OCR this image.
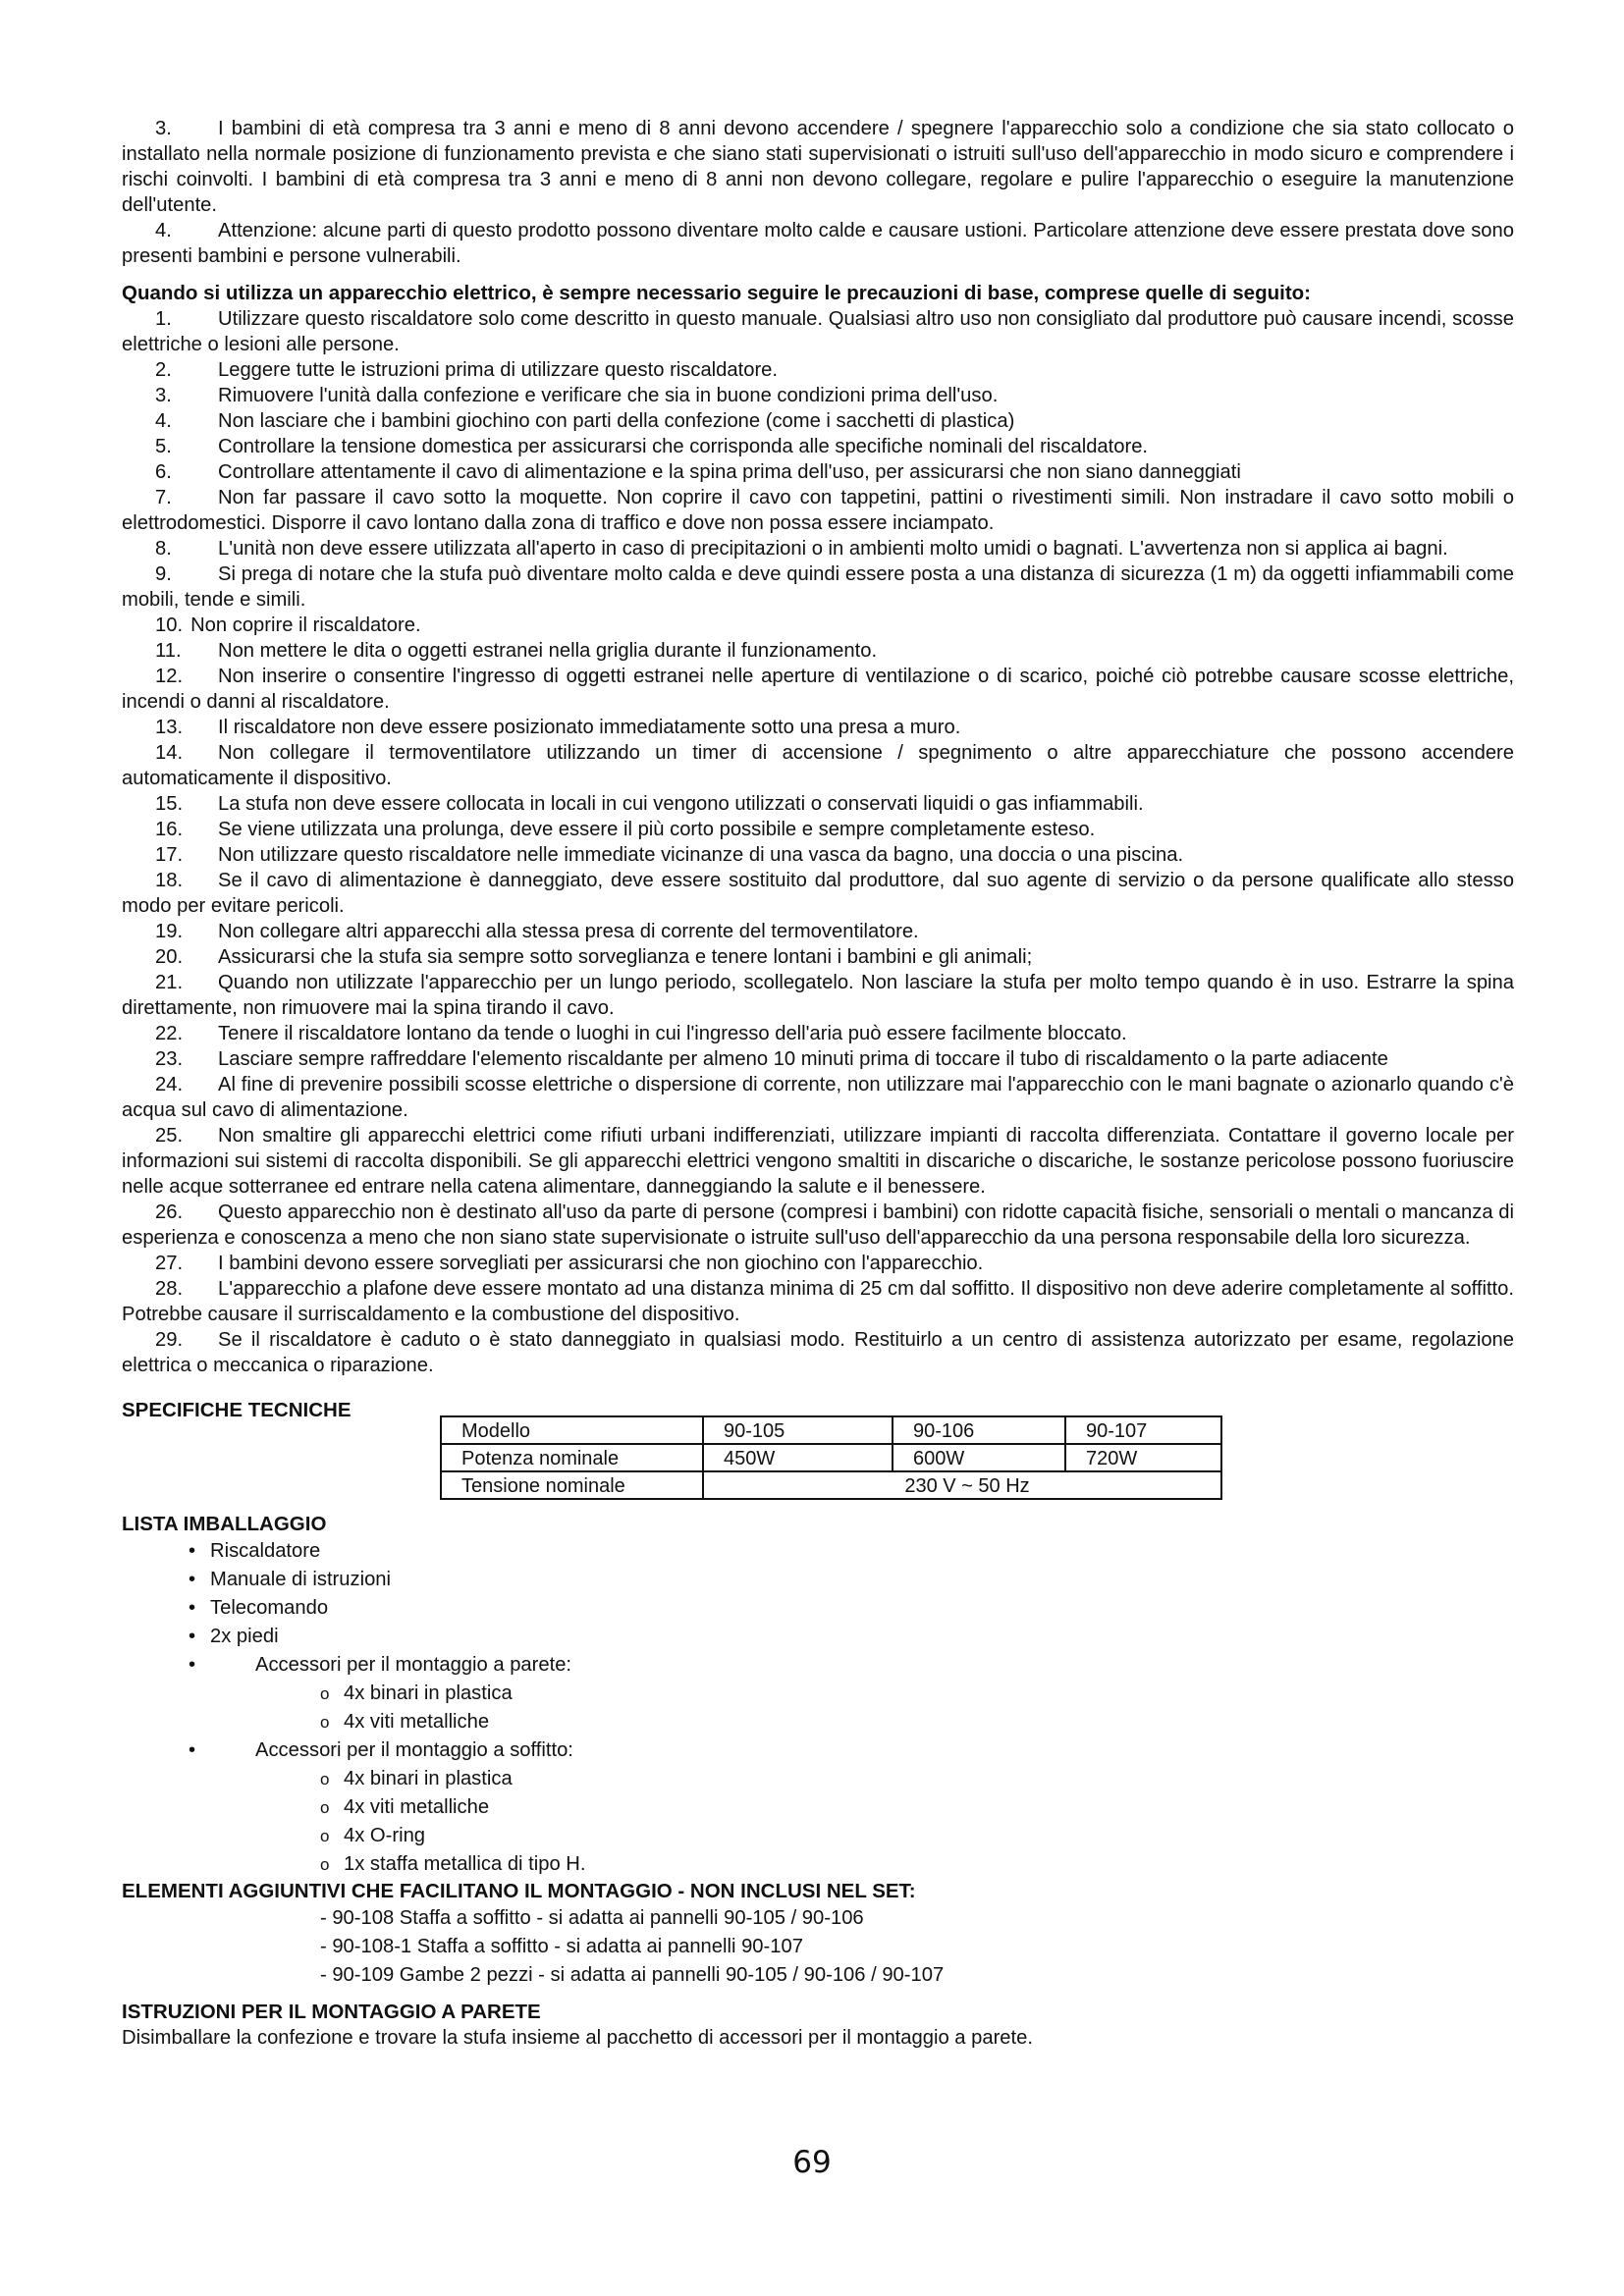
3. I bambini di età compresa tra 3 anni e meno di 8 anni devono accendere / spegnere l'apparecchio solo a condizione che sia stato collocato o installato nella normale posizione di funzionamento prevista e che siano stati supervisionati o istruiti sull'uso dell'apparecchio in modo sicuro e comprendere i rischi coinvolti. I bambini di età compresa tra 3 anni e meno di 8 anni non devono collegare, regolare e pulire l'apparecchio o eseguire la manutenzione dell'utente.

4. Attenzione: alcune parti di questo prodotto possono diventare molto calde e causare ustioni. Particolare attenzione deve essere prestata dove sono presenti bambini e persone vulnerabili.

Quando si utilizza un apparecchio elettrico, è sempre necessario seguire le precauzioni di base, comprese quelle di seguito:

1. Utilizzare questo riscaldatore solo come descritto in questo manuale. Qualsiasi altro uso non consigliato dal produttore può causare incendi, scosse elettriche o lesioni alle persone.

2. Leggere tutte le istruzioni prima di utilizzare questo riscaldatore.

3. Rimuovere l'unità dalla confezione e verificare che sia in buone condizioni prima dell'uso.

4. Non lasciare che i bambini giochino con parti della confezione (come i sacchetti di plastica)

5. Controllare la tensione domestica per assicurarsi che corrisponda alle specifiche nominali del riscaldatore.

6. Controllare attentamente il cavo di alimentazione e la spina prima dell'uso, per assicurarsi che non siano danneggiati

7. Non far passare il cavo sotto la moquette. Non coprire il cavo con tappetini, pattini o rivestimenti simili. Non instradare il cavo sotto mobili o elettrodomestici. Disporre il cavo lontano dalla zona di traffico e dove non possa essere inciampato.

8. L'unità non deve essere utilizzata all'aperto in caso di precipitazioni o in ambienti molto umidi o bagnati. L'avvertenza non si applica ai bagni.

9. Si prega di notare che la stufa può diventare molto calda e deve quindi essere posta a una distanza di sicurezza (1 m) da oggetti infiammabili come mobili, tende e simili.

10. Non coprire il riscaldatore.

11. Non mettere le dita o oggetti estranei nella griglia durante il funzionamento.

12. Non inserire o consentire l'ingresso di oggetti estranei nelle aperture di ventilazione o di scarico, poiché ciò potrebbe causare scosse elettriche, incendi o danni al riscaldatore.

13. Il riscaldatore non deve essere posizionato immediatamente sotto una presa a muro.

14. Non collegare il termoventilatore utilizzando un timer di accensione / spegnimento o altre apparecchiature che possono accendere automaticamente il dispositivo.

15. La stufa non deve essere collocata in locali in cui vengono utilizzati o conservati liquidi o gas infiammabili.

16. Se viene utilizzata una prolunga, deve essere il più corto possibile e sempre completamente esteso.

17. Non utilizzare questo riscaldatore nelle immediate vicinanze di una vasca da bagno, una doccia o una piscina.

18. Se il cavo di alimentazione è danneggiato, deve essere sostituito dal produttore, dal suo agente di servizio o da persone qualificate allo stesso modo per evitare pericoli.

19. Non collegare altri apparecchi alla stessa presa di corrente del termoventilatore.

20. Assicurarsi che la stufa sia sempre sotto sorveglianza e tenere lontani i bambini e gli animali;

21. Quando non utilizzate l'apparecchio per un lungo periodo, scollegatelo. Non lasciare la stufa per molto tempo quando è in uso. Estrarre la spina direttamente, non rimuovere mai la spina tirando il cavo.

22. Tenere il riscaldatore lontano da tende o luoghi in cui l'ingresso dell'aria può essere facilmente bloccato.

23. Lasciare sempre raffreddare l'elemento riscaldante per almeno 10 minuti prima di toccare il tubo di riscaldamento o la parte adiacente

24. Al fine di prevenire possibili scosse elettriche o dispersione di corrente, non utilizzare mai l'apparecchio con le mani bagnate o azionarlo quando c'è acqua sul cavo di alimentazione.

25. Non smaltire gli apparecchi elettrici come rifiuti urbani indifferenziati, utilizzare impianti di raccolta differenziata. Contattare il governo locale per informazioni sui sistemi di raccolta disponibili. Se gli apparecchi elettrici vengono smaltiti in discariche o discariche, le sostanze pericolose possono fuoriuscire nelle acque sotterranee ed entrare nella catena alimentare, danneggiando la salute e il benessere.

26. Questo apparecchio non è destinato all'uso da parte di persone (compresi i bambini) con ridotte capacità fisiche, sensoriali o mentali o mancanza di esperienza e conoscenza a meno che non siano state supervisionate o istruite sull'uso dell'apparecchio da una persona responsabile della loro sicurezza.

27. I bambini devono essere sorvegliati per assicurarsi che non giochino con l'apparecchio.

28. L'apparecchio a plafone deve essere montato ad una distanza minima di 25 cm dal soffitto. Il dispositivo non deve aderire completamente al soffitto. Potrebbe causare il surriscaldamento e la combustione del dispositivo.

29. Se il riscaldatore è caduto o è stato danneggiato in qualsiasi modo. Restituirlo a un centro di assistenza autorizzato per esame, regolazione elettrica o meccanica o riparazione.

SPECIFICHE TECNICHE
Modello	90-105	90-106	90-107
Potenza nominale	450W	600W	720W
Tensione nominale	230 V ~ 50 Hz		
LISTA IMBALLAGGIO
• Riscaldatore
• Manuale di istruzioni
• Telecomando
• 2x piedi
•	Accessori per il montaggio a parete:
o 4x binari in plastica
o 4x viti metalliche
•	Accessori per il montaggio a soffitto:
o 4x binari in plastica
o 4x viti metalliche
o 4x O-ring
o 1x staffa metallica di tipo H.
ELEMENTI AGGIUNTIVI CHE FACILITANO IL MONTAGGIO - NON INCLUSI NEL SET:
- 90-108 Staffa a soffitto - si adatta ai pannelli 90-105 / 90-106
- 90-108-1 Staffa a soffitto - si adatta ai pannelli 90-107
- 90-109 Gambe 2 pezzi - si adatta ai pannelli 90-105 / 90-106 / 90-107
ISTRUZIONI PER IL MONTAGGIO A PARETE
Disimballare la confezione e trovare la stufa insieme al pacchetto di accessori per il montaggio a parete.
69
